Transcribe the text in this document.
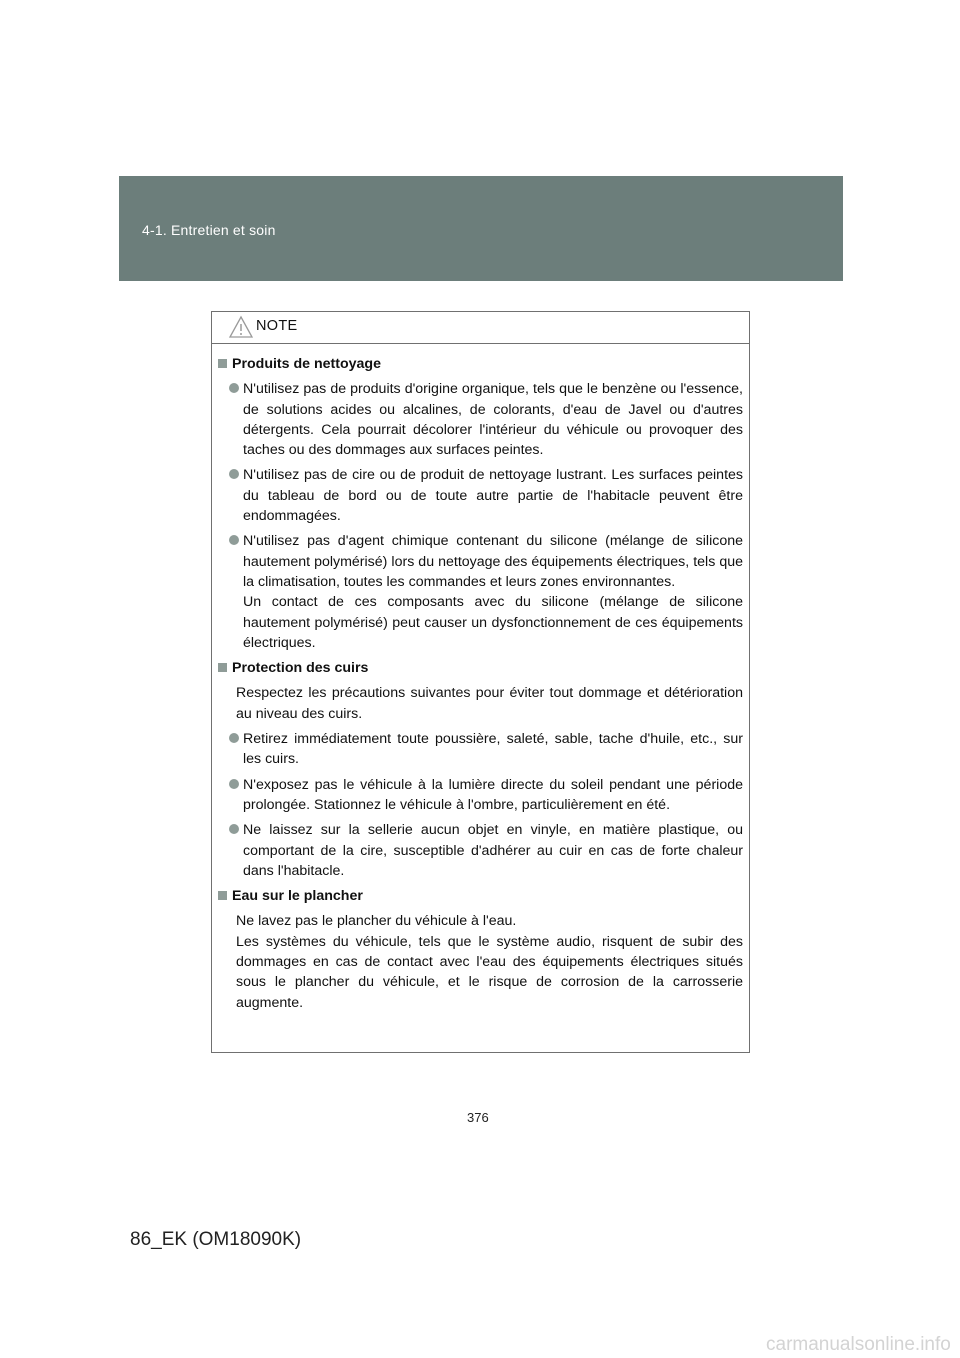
4-1. Entretien et soin
NOTE
Produits de nettoyage
N'utilisez pas de produits d'origine organique, tels que le benzène ou l'essence, de solutions acides ou alcalines, de colorants, d'eau de Javel ou d'autres détergents. Cela pourrait décolorer l'intérieur du véhicule ou provoquer des taches ou des dommages aux surfaces peintes.
N'utilisez pas de cire ou de produit de nettoyage lustrant. Les surfaces peintes du tableau de bord ou de toute autre partie de l'habitacle peuvent être endommagées.
N'utilisez pas d'agent chimique contenant du silicone (mélange de silicone hautement polymérisé) lors du nettoyage des équipements électriques, tels que la climatisation, toutes les commandes et leurs zones environnantes.
Un contact de ces composants avec du silicone (mélange de silicone hautement polymérisé) peut causer un dysfonctionnement de ces équipements électriques.
Protection des cuirs
Respectez les précautions suivantes pour éviter tout dommage et détérioration au niveau des cuirs.
Retirez immédiatement toute poussière, saleté, sable, tache d'huile, etc., sur les cuirs.
N'exposez pas le véhicule à la lumière directe du soleil pendant une période prolongée. Stationnez le véhicule à l'ombre, particulièrement en été.
Ne laissez sur la sellerie aucun objet en vinyle, en matière plastique, ou comportant de la cire, susceptible d'adhérer au cuir en cas de forte chaleur dans l'habitacle.
Eau sur le plancher
Ne lavez pas le plancher du véhicule à l'eau.
Les systèmes du véhicule, tels que le système audio, risquent de subir des dommages en cas de contact avec l'eau des équipements électriques situés sous le plancher du véhicule, et le risque de corrosion de la carrosserie augmente.
376
86_EK (OM18090K)
carmanualsonline.info
